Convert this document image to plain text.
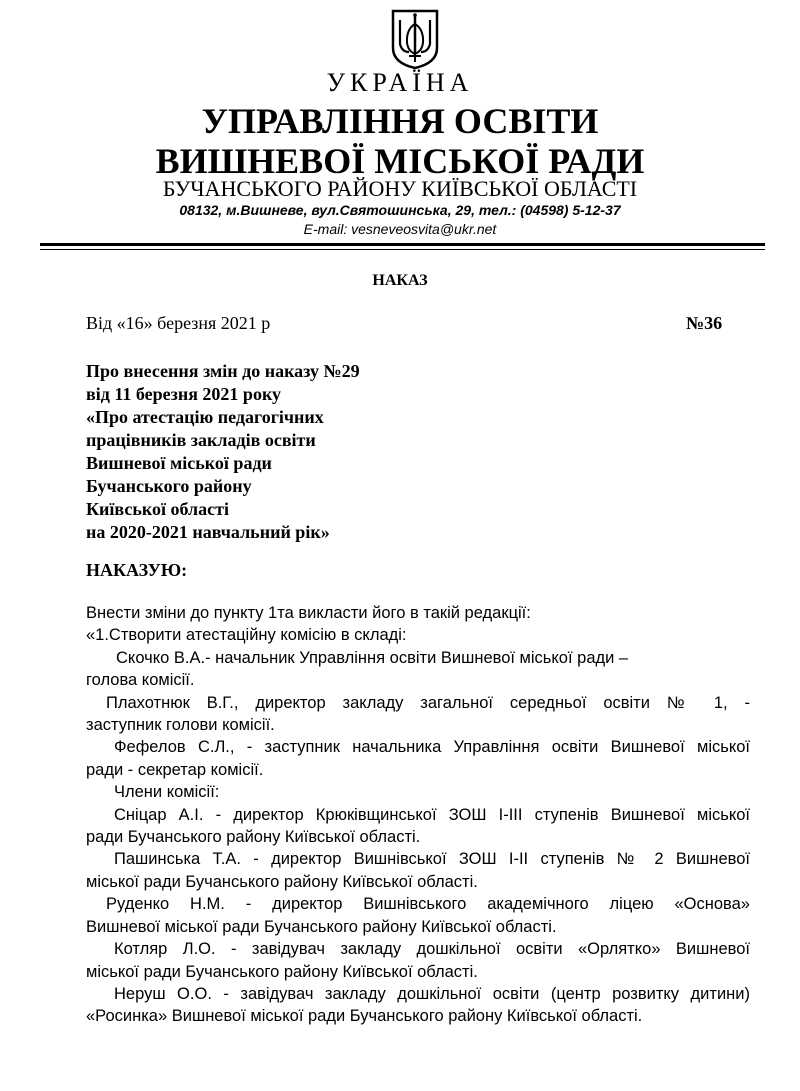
УКРАЇНА
УПРАВЛІННЯ ОСВІТИ
ВИШНЕВОЇ МІСЬКОЇ РАДИ
БУЧАНСЬКОГО РАЙОНУ КИЇВСЬКОЇ ОБЛАСТІ
08132, м.Вишневе, вул.Святошинська, 29, тел.: (04598) 5-12-37
E-mail: vesneveosvita@ukr.net
НАКАЗ
Від «16» березня 2021 р	№36
Про внесення змін до наказу №29
від 11 березня 2021 року
«Про атестацію педагогічних
працівників закладів освіти
Вишневої міської ради
Бучанського району
Київської області
на 2020-2021 навчальний рік»
НАКАЗУЮ:
Внести зміни до пункту 1та викласти його в такій редакції:
«1.Створити атестаційну комісію в складі:
Скочко В.А.- начальник Управління освіти Вишневої міської ради –
голова комісії.
Плахотнюк В.Г., директор закладу загальної середньої освіти № 1, -
заступник голови комісії.
Фефелов С.Л., - заступник начальника Управління освіти Вишневої міської
ради - секретар комісії.
Члени комісії:
Сніцар А.І. - директор Крюківщинської ЗОШ І-ІІІ ступенів Вишневої міської
ради Бучанського району Київської області.
Пашинська Т.А. - директор Вишнівської ЗОШ І-ІІ ступенів № 2 Вишневої
міської ради Бучанського району Київської області.
Руденко Н.М. - директор Вишнівського академічного ліцею «Основа»
Вишневої міської ради Бучанського району Київської області.
Котляр Л.О. - завідувач закладу дошкільної освіти «Орлятко» Вишневої
міської ради Бучанського району Київської області.
Неруш О.О. - завідувач закладу дошкільної освіти (центр розвитку дитини)
«Росинка» Вишневої міської ради Бучанського району Київської області.
